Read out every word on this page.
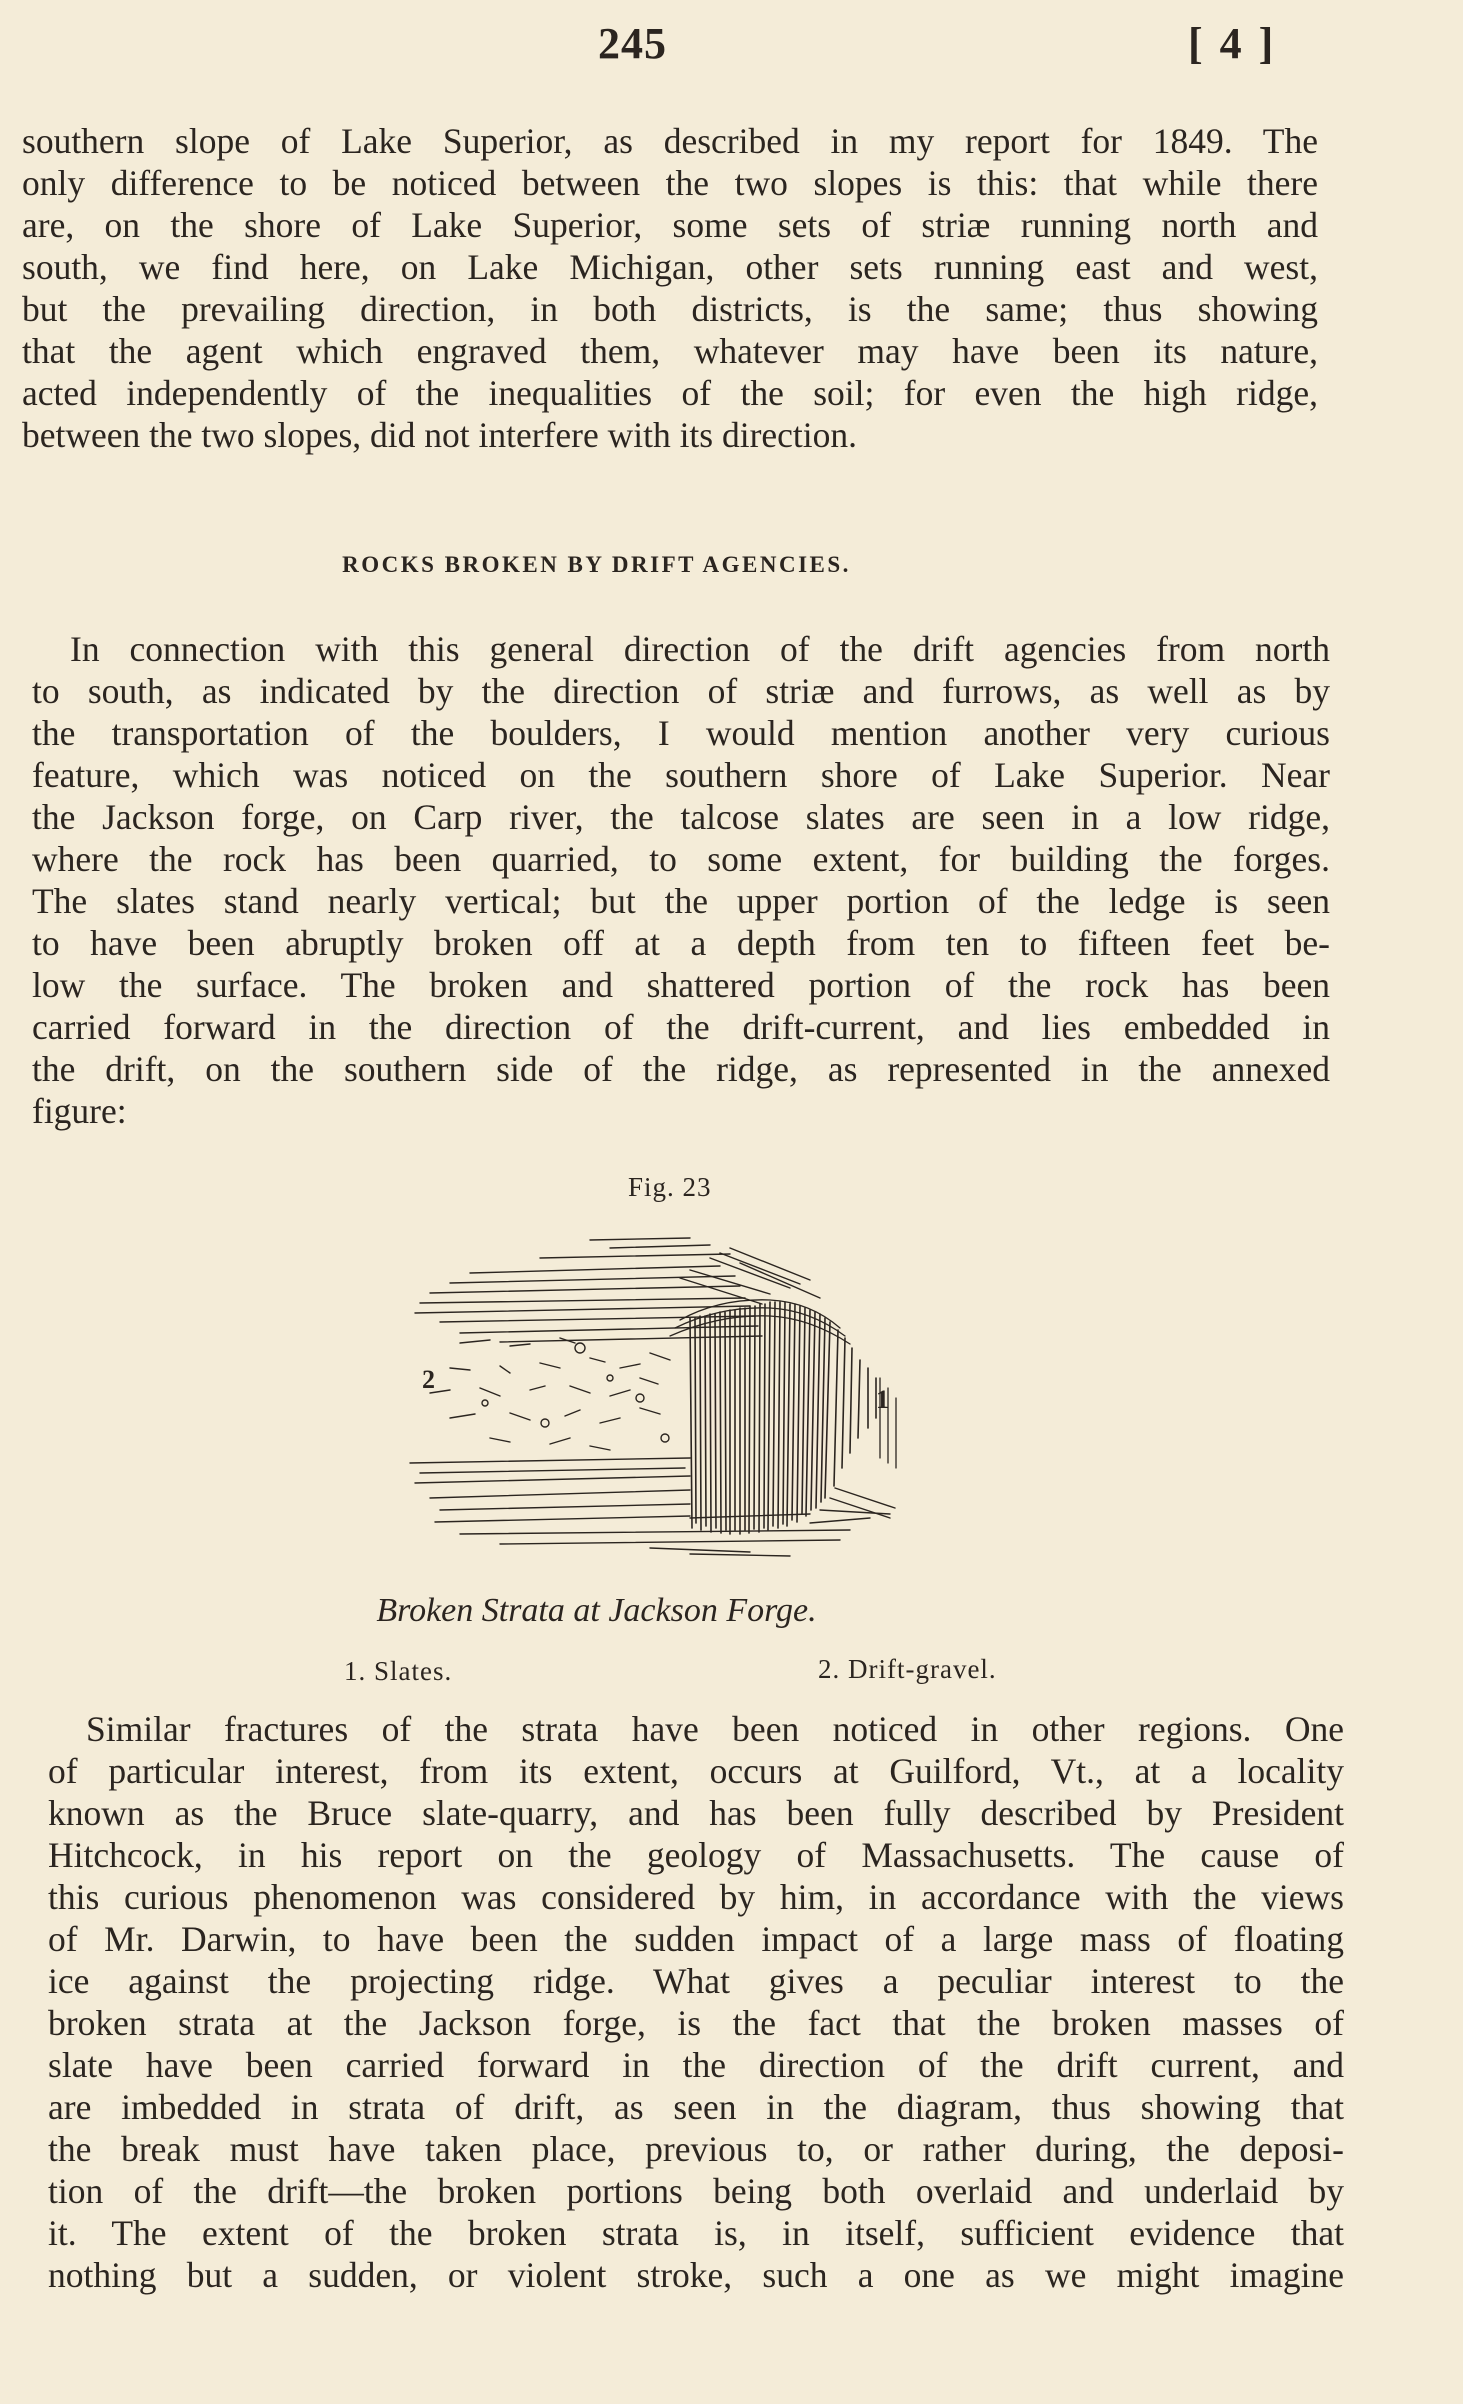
245	[ 4 ]
southern slope of Lake Superior, as described in my report for 1849. The
only difference to be noticed between the two slopes is this: that while there
are, on the shore of Lake Superior, some sets of striæ running north and
south, we find here, on Lake Michigan, other sets running east and west,
but the prevailing direction, in both districts, is the same; thus showing
that the agent which engraved them, whatever may have been its nature,
acted independently of the inequalities of the soil; for even the high ridge,
between the two slopes, did not interfere with its direction.
ROCKS BROKEN BY DRIFT AGENCIES.
In connection with this general direction of the drift agencies from north
to south, as indicated by the direction of striæ and furrows, as well as by
the transportation of the boulders, I would mention another very curious
feature, which was noticed on the southern shore of Lake Superior. Near
the Jackson forge, on Carp river, the talcose slates are seen in a low ridge,
where the rock has been quarried, to some extent, for building the forges.
The slates stand nearly vertical; but the upper portion of the ledge is seen
to have been abruptly broken off at a depth from ten to fifteen feet be-
low the surface. The broken and shattered portion of the rock has been
carried forward in the direction of the drift-current, and lies embedded in
the drift, on the southern side of the ridge, as represented in the annexed
figure:
Fig. 23
2
1
Broken Strata at Jackson Forge.
1. Slates.	2. Drift-gravel.
Similar fractures of the strata have been noticed in other regions. One
of particular interest, from its extent, occurs at Guilford, Vt., at a locality
known as the Bruce slate-quarry, and has been fully described by President
Hitchcock, in his report on the geology of Massachusetts. The cause of
this curious phenomenon was considered by him, in accordance with the views
of Mr. Darwin, to have been the sudden impact of a large mass of floating
ice against the projecting ridge. What gives a peculiar interest to the
broken strata at the Jackson forge, is the fact that the broken masses of
slate have been carried forward in the direction of the drift current, and
are imbedded in strata of drift, as seen in the diagram, thus showing that
the break must have taken place, previous to, or rather during, the deposi-
tion of the drift—the broken portions being both overlaid and underlaid by
it. The extent of the broken strata is, in itself, sufficient evidence that
nothing but a sudden, or violent stroke, such a one as we might imagine
